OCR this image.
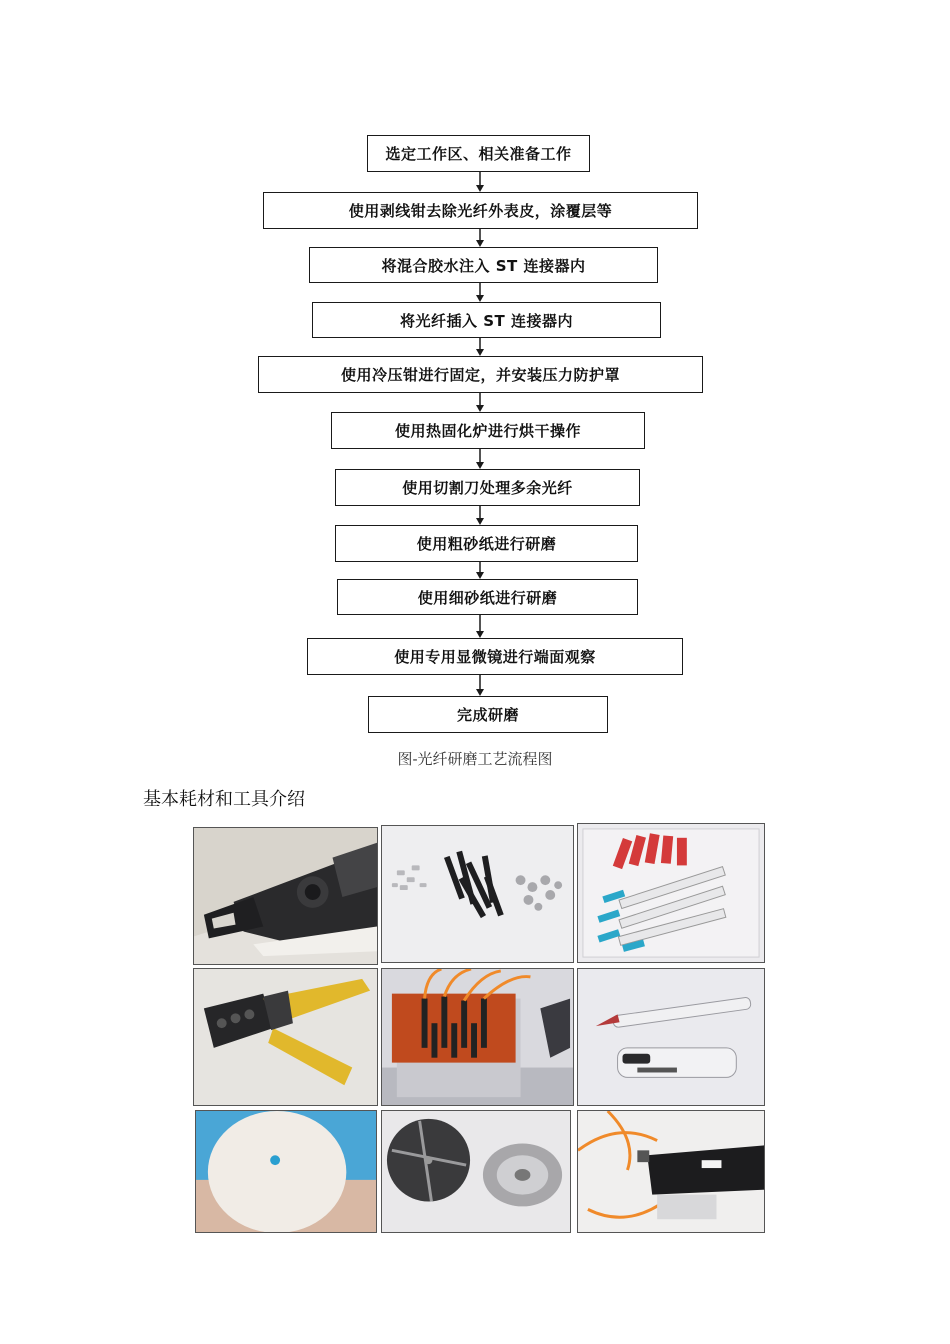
选定工作区、相关准备工作
使用剥线钳去除光纤外表皮，涂覆层等
将混合胶水注入 ST 连接器内
将光纤插入 ST 连接器内
使用冷压钳进行固定，并安装压力防护罩
使用热固化炉进行烘干操作
使用切割刀处理多余光纤
使用粗砂纸进行研磨
使用细砂纸进行研磨
使用专用显微镜进行端面观察
完成研磨
图-光纤研磨工艺流程图
基本耗材和工具介绍
